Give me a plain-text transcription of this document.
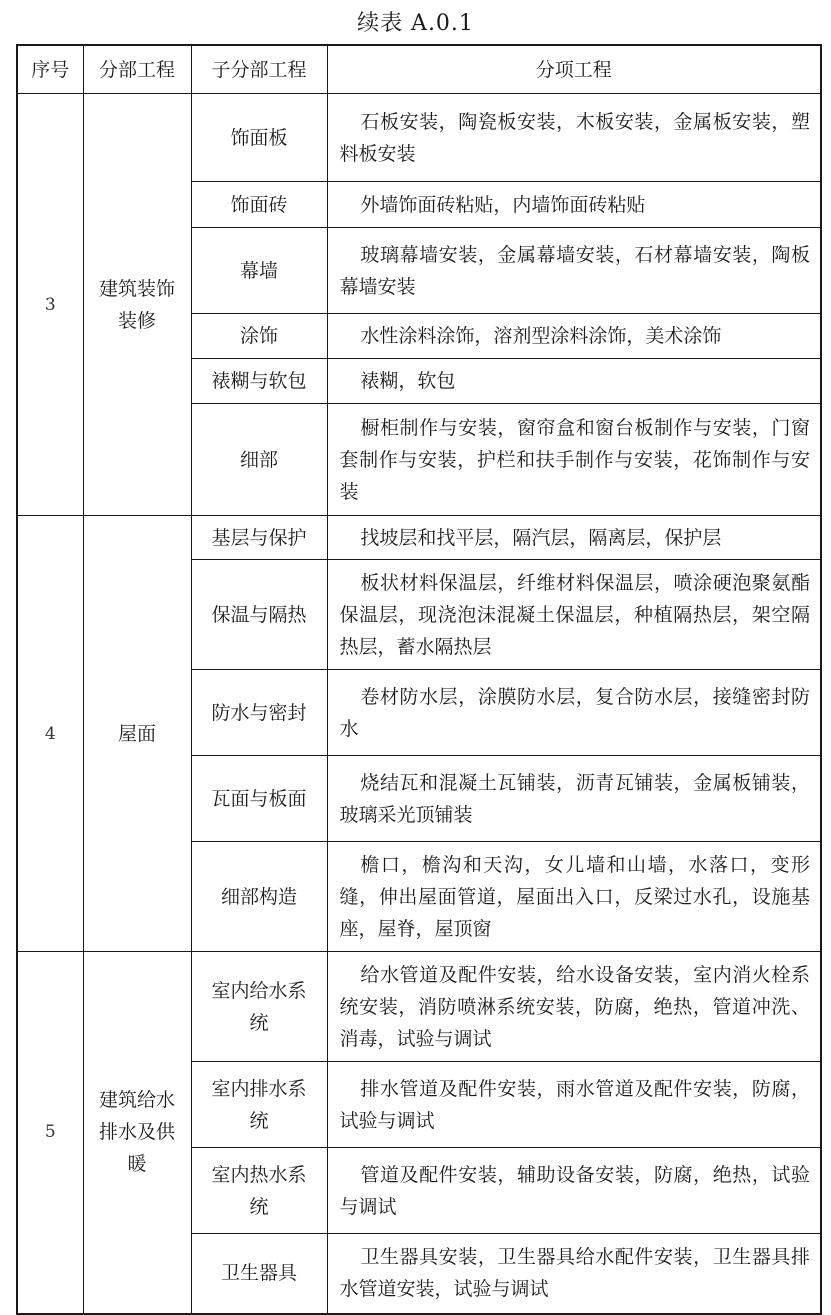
续表 A.0.1
序号	分部工程	子分部工程	分项工程
3	建筑装饰装修	饰面板	石板安装，陶瓷板安装，木板安装，金属板安装，塑料板安装

		饰面砖	外墙饰面砖粘贴，内墙饰面砖粘贴

		幕墙	玻璃幕墙安装，金属幕墙安装，石材幕墙安装，陶板幕墙安装

		涂饰	水性涂料涂饰，溶剂型涂料涂饰，美术涂饰

		裱糊与软包	裱糊，软包

		细部	橱柜制作与安装，窗帘盒和窗台板制作与安装，门窗套制作与安装，护栏和扶手制作与安装，花饰制作与安装

4	屋面	基层与保护	找坡层和找平层，隔汽层，隔离层，保护层

		保温与隔热	板状材料保温层，纤维材料保温层，喷涂硬泡聚氨酯保温层，现浇泡沫混凝土保温层，种植隔热层，架空隔热层，蓄水隔热层

		防水与密封	卷材防水层，涂膜防水层，复合防水层，接缝密封防水

		瓦面与板面	烧结瓦和混凝土瓦铺装，沥青瓦铺装，金属板铺装，玻璃采光顶铺装

		细部构造	檐口，檐沟和天沟，女儿墙和山墙，水落口，变形缝，伸出屋面管道，屋面出入口，反梁过水孔，设施基座，屋脊，屋顶窗

5	建筑给水排水及供暖	室内给水系统	给水管道及配件安装，给水设备安装，室内消火栓系统安装，消防喷淋系统安装，防腐，绝热，管道冲洗、消毒，试验与调试

		室内排水系统	排水管道及配件安装，雨水管道及配件安装，防腐，试验与调试

		室内热水系统	管道及配件安装，辅助设备安装，防腐，绝热，试验与调试

		卫生器具	卫生器具安装，卫生器具给水配件安装，卫生器具排水管道安装，试验与调试
